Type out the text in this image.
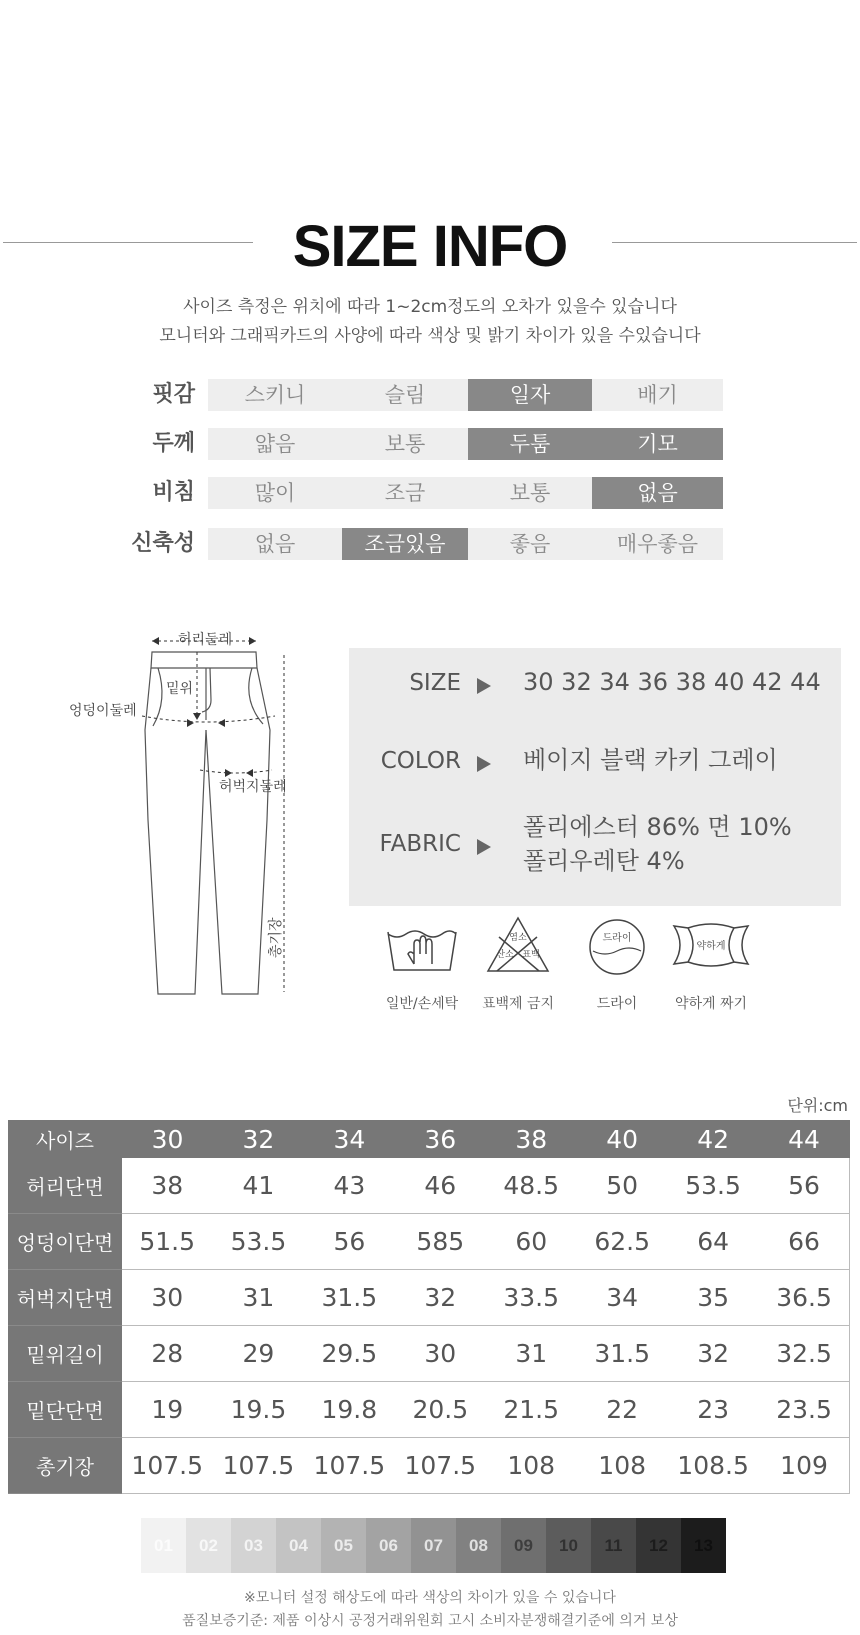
SIZE INFO
사이즈 측정은 위치에 따라 1~2cm정도의 오차가 있을수 있습니다
모니터와 그래픽카드의 사양에 따라 색상 및 밝기 차이가 있을 수있습니다
핏감	스키니	슬림	일자	배기
두께	얇음	보통	두툼	기모
비침	많이	조금	보통	없음
신축성	없음	조금있음	좋음	매우좋음
허리둘레
밑위
엉덩이둘레
허벅지둘레
총기장
SIZE	30 32 34 36 38 40 42 44
COLOR	베이지 블랙 카키 그레이
FABRIC
폴리에스터 86% 면 10%
폴리우레탄 4%
염소
산소 표백
드라이
약하게
일반/손세탁	표백제 금지	드라이	약하게 짜기
단위:cm
사이즈	30	32	34	36	38	40	42	44
허리단면	38	41	43	46	48.5	50	53.5	56
엉덩이단면	51.5	53.5	56	585	60	62.5	64	66
허벅지단면	30	31	31.5	32	33.5	34	35	36.5
밑위길이	28	29	29.5	30	31	31.5	32	32.5
밑단단면	19	19.5	19.8	20.5	21.5	22	23	23.5
총기장	107.5	107.5	107.5	107.5	108	108	108.5	109
01	02	03	04	05	06	07	08	09	10	11	12	13
※모니터 설정 해상도에 따라 색상의 차이가 있을 수 있습니다
품질보증기준: 제품 이상시 공정거래위원회 고시 소비자분쟁해결기준에 의거 보상
